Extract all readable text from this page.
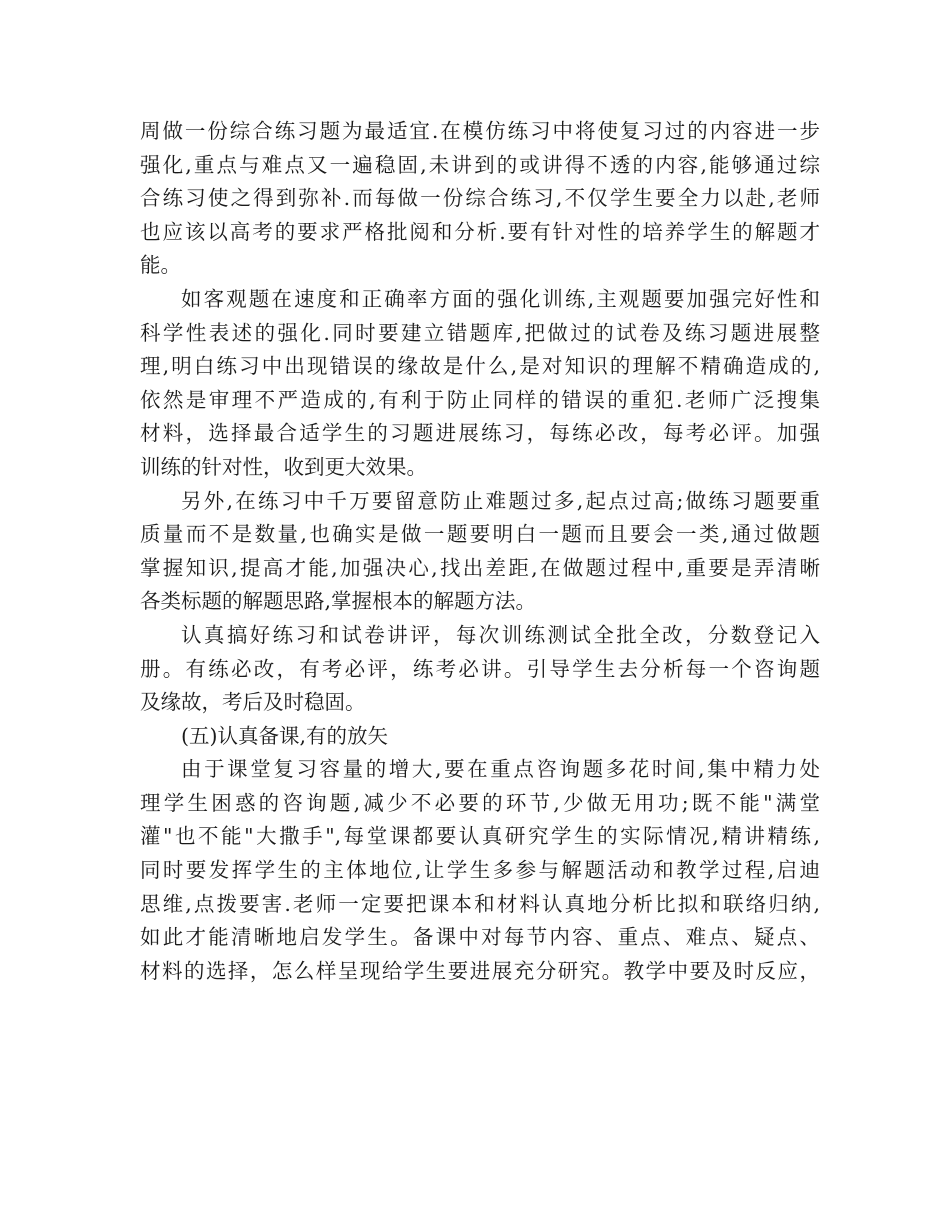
周做一份综合练习题为最适宜.在模仿练习中将使复习过的内容进一步
强化,重点与难点又一遍稳固,未讲到的或讲得不透的内容,能够通过综
合练习使之得到弥补.而每做一份综合练习,不仅学生要全力以赴,老师
也应该以高考的要求严格批阅和分析.要有针对性的培养学生的解题才
能。
如客观题在速度和正确率方面的强化训练,主观题要加强完好性和
科学性表述的强化.同时要建立错题库,把做过的试卷及练习题进展整
理,明白练习中出现错误的缘故是什么,是对知识的理解不精确造成的,
依然是审理不严造成的,有利于防止同样的错误的重犯.老师广泛搜集
材料，选择最合适学生的习题进展练习，每练必改，每考必评。加强
训练的针对性，收到更大效果。
另外,在练习中千万要留意防止难题过多,起点过高;做练习题要重
质量而不是数量,也确实是做一题要明白一题而且要会一类,通过做题
掌握知识,提高才能,加强决心,找出差距,在做题过程中,重要是弄清晰
各类标题的解题思路,掌握根本的解题方法。
认真搞好练习和试卷讲评，每次训练测试全批全改，分数登记入
册。有练必改，有考必评，练考必讲。引导学生去分析每一个咨询题
及缘故，考后及时稳固。
(五)认真备课,有的放矢
由于课堂复习容量的增大,要在重点咨询题多花时间,集中精力处
理学生困惑的咨询题,减少不必要的环节,少做无用功;既不能"满堂
灌"也不能"大撒手",每堂课都要认真研究学生的实际情况,精讲精练,
同时要发挥学生的主体地位,让学生多参与解题活动和教学过程,启迪
思维,点拨要害.老师一定要把课本和材料认真地分析比拟和联络归纳,
如此才能清晰地启发学生。备课中对每节内容、重点、难点、疑点、
材料的选择，怎么样呈现给学生要进展充分研究。教学中要及时反应，
